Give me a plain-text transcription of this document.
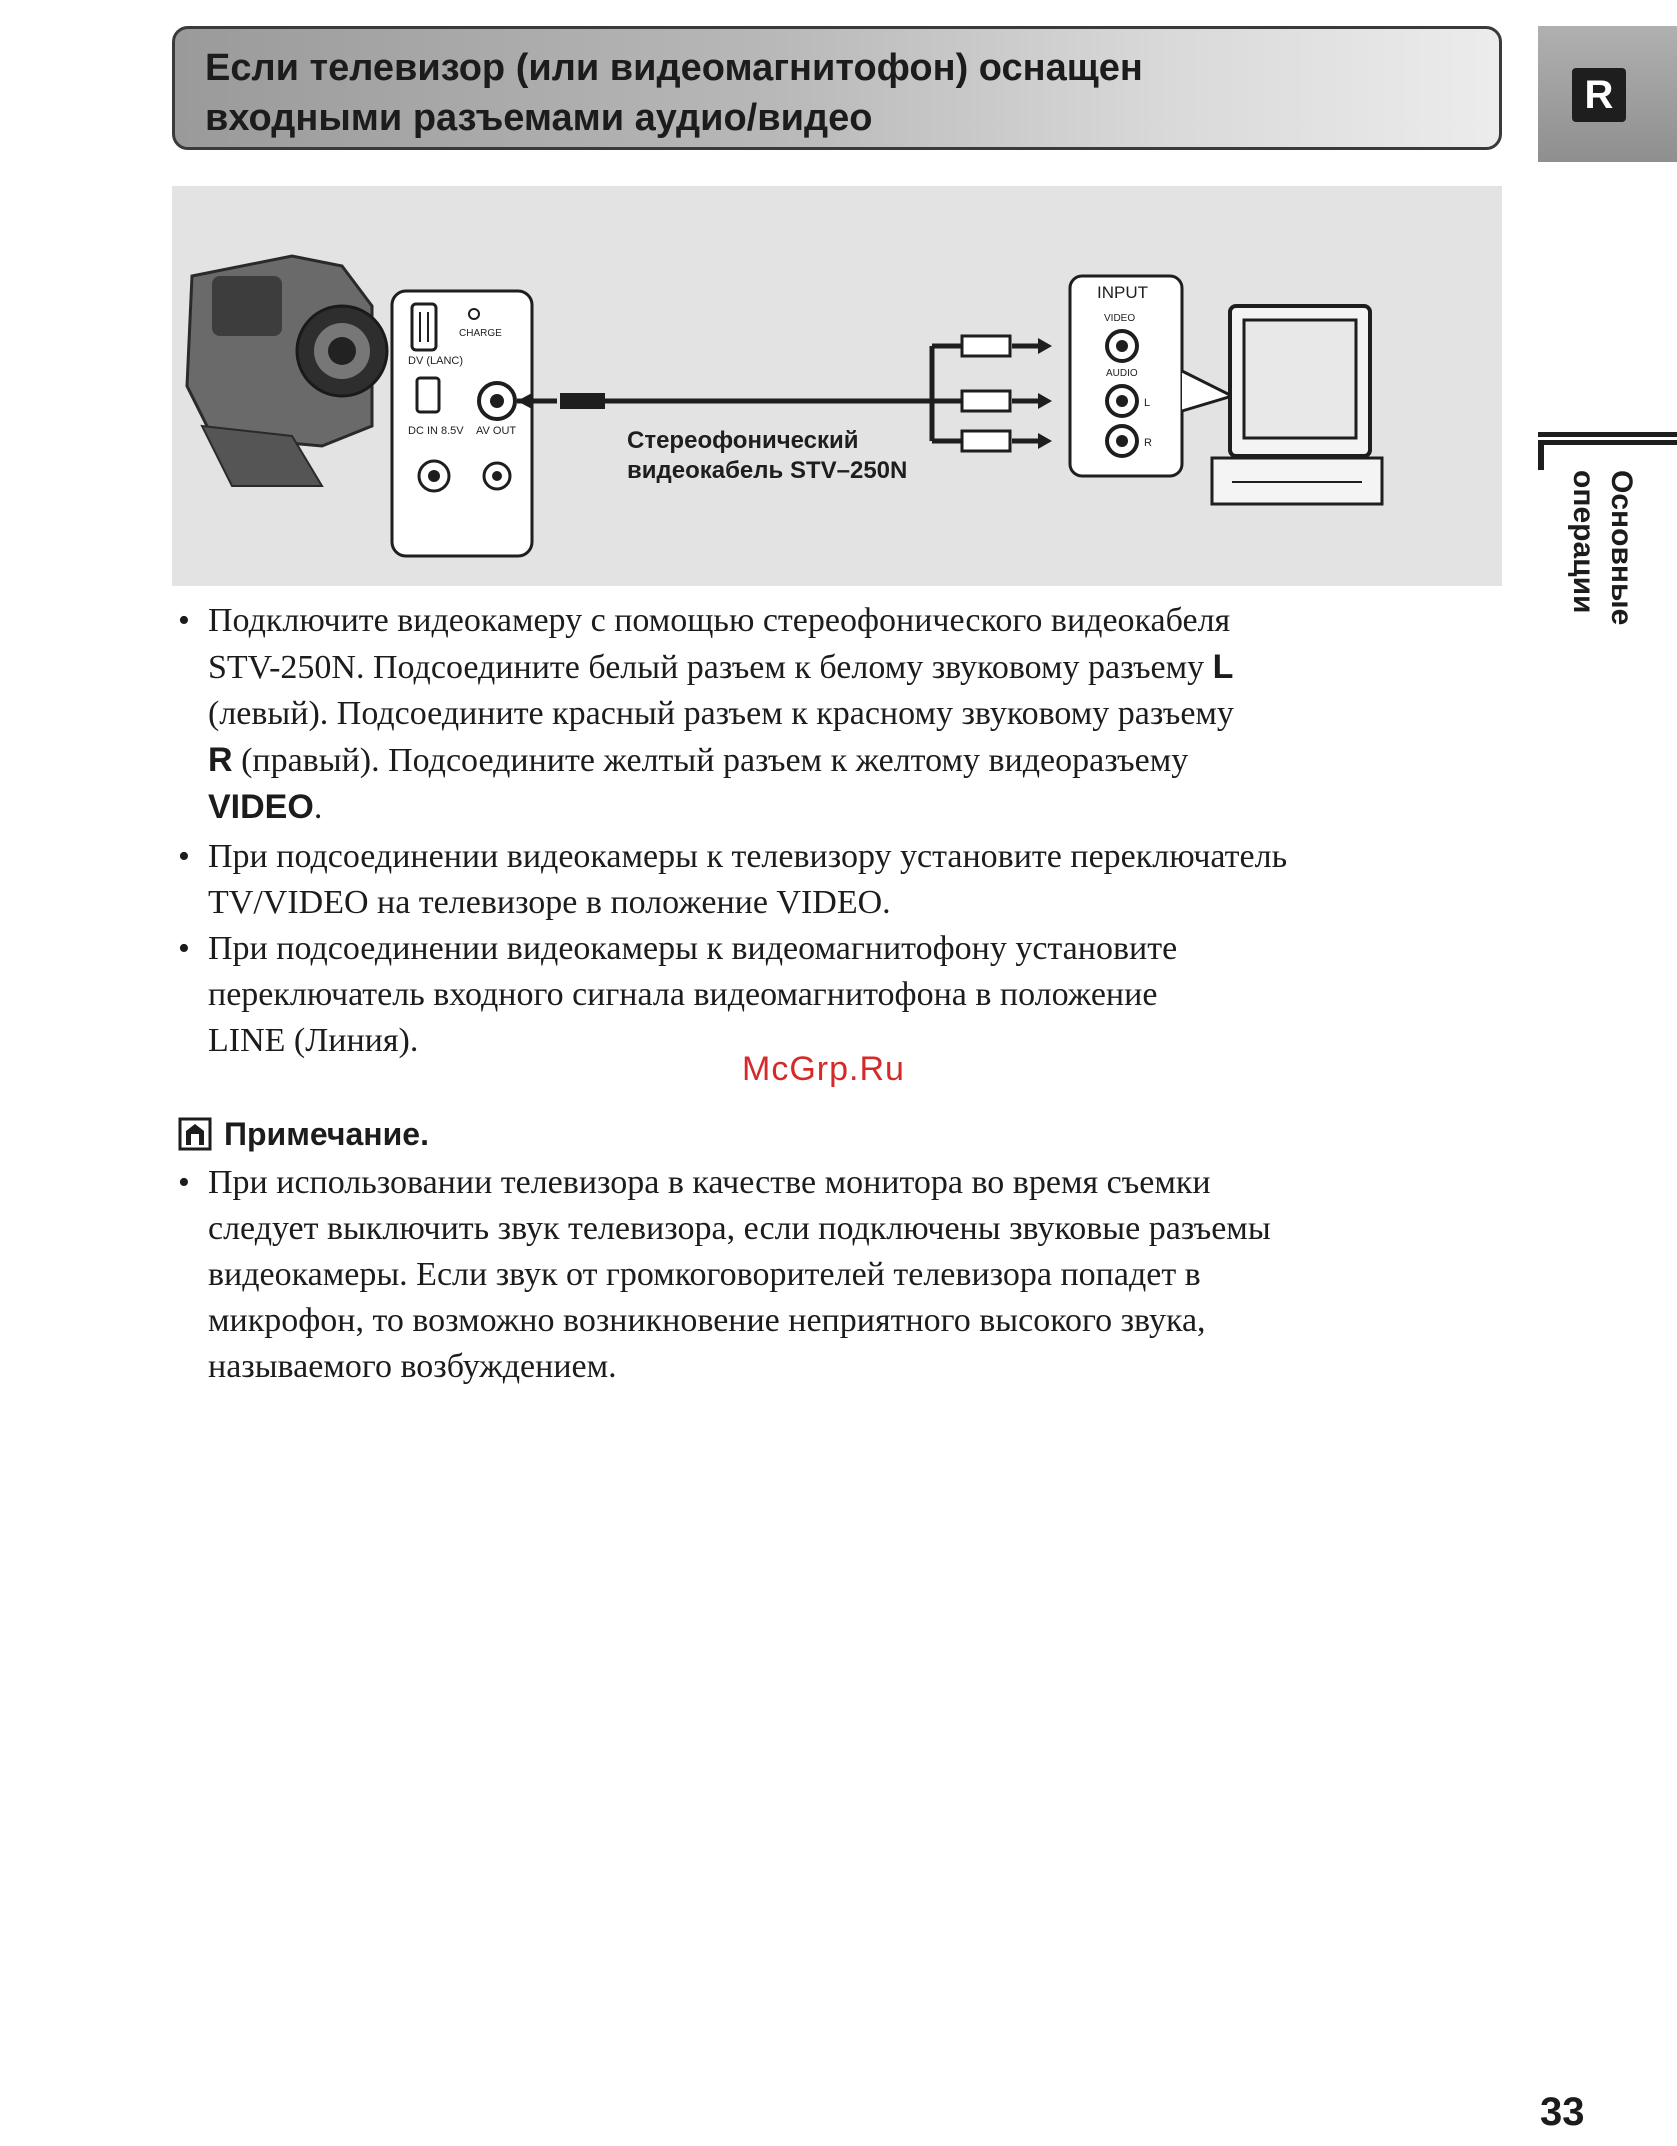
Если телевизор (или видеомагнитофон) оснащен
входными разъемами аудио/видео
R
Основные
операции
DV (LANC)
CHARGE
DC IN 8.5V AV OUT	Стереофонический
видеокабель STV–250N
INPUT
VIDEO
AUDIO
L
R
• Подключите видеокамеру с помощью стереофонического видеокабеля
STV-250N. Подсоедините белый разъем к белому звуковому разъему L
(левый). Подсоедините красный разъем к красному звуковому разъему
R (правый). Подсоедините желтый разъем к желтому видеоразъему
VIDEO.
• При подсоединении видеокамеры к телевизору установите переключатель
TV/VIDEO на телевизоре в положение VIDEO.
• При подсоединении видеокамеры к видеомагнитофону установите
переключатель входного сигнала видеомагнитофона в положение
LINE (Линия).
McGrp.Ru
Примечание.
• При использовании телевизора в качестве монитора во время съемки
следует выключить звук телевизора, если подключены звуковые разъемы
видеокамеры. Если звук от громкоговорителей телевизора попадет в
микрофон, то возможно возникновение неприятного высокого звука,
называемого возбуждением.
33
